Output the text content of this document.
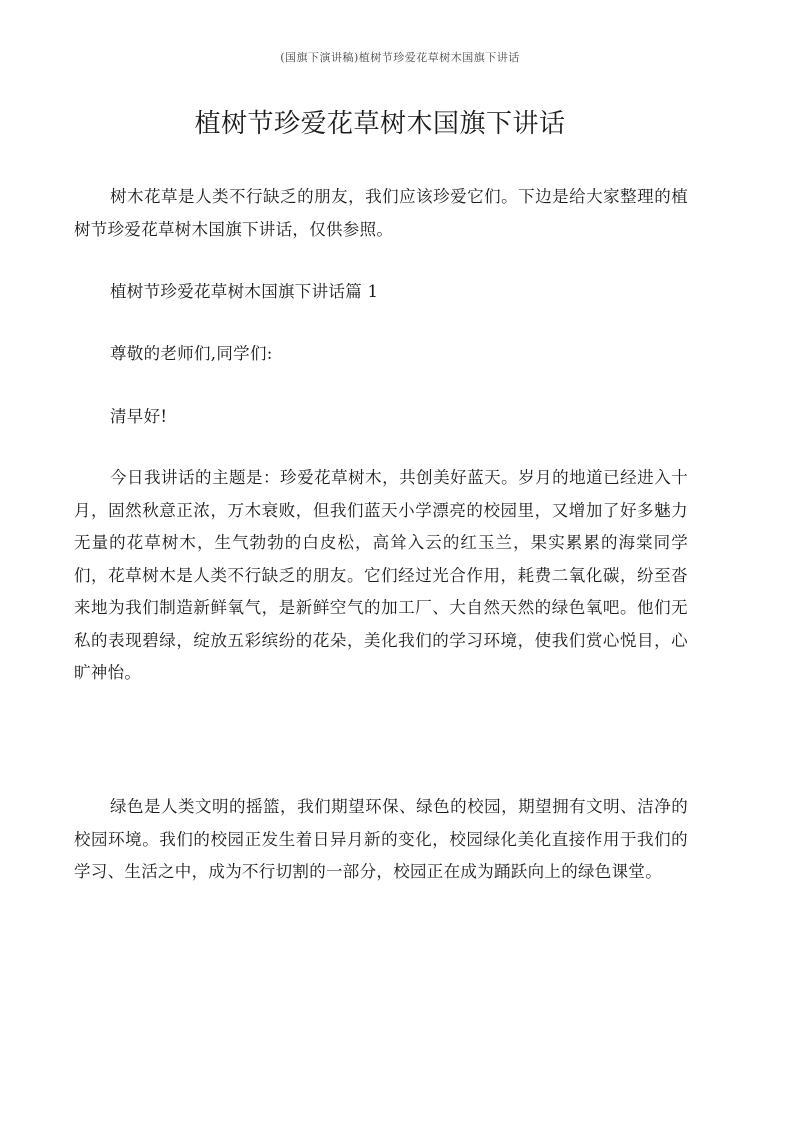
(国旗下演讲稿)植树节珍爱花草树木国旗下讲话
植树节珍爱花草树木国旗下讲话

树木花草是人类不行缺乏的朋友，我们应该珍爱它们。下边是给大家整理的植树节珍爱花草树木国旗下讲话，仅供参照。

植树节珍爱花草树木国旗下讲话篇 1

尊敬的老师们,同学们:

清早好!

今日我讲话的主题是：珍爱花草树木，共创美好蓝天。岁月的地道已经进入十月，固然秋意正浓，万木衰败，但我们蓝天小学漂亮的校园里，又增加了好多魅力无量的花草树木，生气勃勃的白皮松，高耸入云的红玉兰，果实累累的海棠同学们，花草树木是人类不行缺乏的朋友。它们经过光合作用，耗费二氧化碳，纷至沓来地为我们制造新鲜氧气，是新鲜空气的加工厂、大自然天然的绿色氧吧。他们无私的表现碧绿，绽放五彩缤纷的花朵，美化我们的学习环境，使我们赏心悦目，心旷神怡。

绿色是人类文明的摇篮，我们期望环保、绿色的校园，期望拥有文明、洁净的校园环境。我们的校园正发生着日异月新的变化，校园绿化美化直接作用于我们的学习、生活之中，成为不行切割的一部分，校园正在成为踊跃向上的绿色课堂。
